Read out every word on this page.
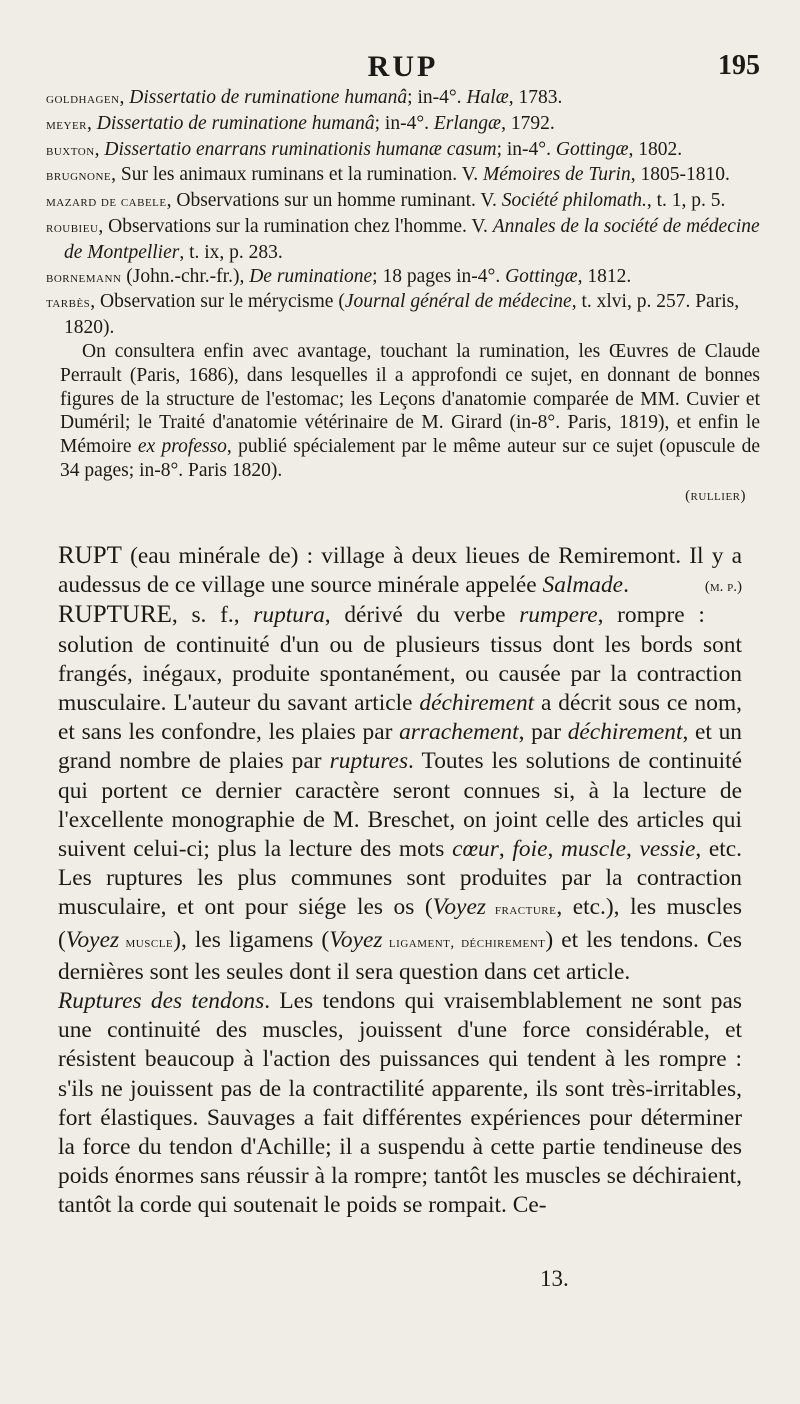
RUP	195

goldhagen, Dissertatio de ruminatione humanâ; in-4°. Halæ, 1783.

meyer, Dissertatio de ruminatione humanâ; in-4°. Erlangæ, 1792.

buxton, Dissertatio enarrans ruminationis humanæ casum; in-4°. Gottingæ, 1802.

brugnone, Sur les animaux ruminans et la rumination. V. Mémoires de Turin, 1805-1810.

mazard de cabele, Observations sur un homme ruminant. V. Société philomath., t. 1, p. 5.

roubieu, Observations sur la rumination chez l'homme. V. Annales de la société de médecine de Montpellier, t. ix, p. 283.

bornemann (John.-chr.-fr.), De ruminatione; 18 pages in-4°. Gottingæ, 1812.

tarbès, Observation sur le mérycisme (Journal général de médecine, t. xlvi, p. 257. Paris, 1820).

On consultera enfin avec avantage, touchant la rumination, les Œuvres de Claude Perrault (Paris, 1686), dans lesquelles il a approfondi ce sujet, en donnant de bonnes figures de la structure de l'estomac; les Leçons d'anatomie comparée de MM. Cuvier et Duméril; le Traité d'anatomie vétérinaire de M. Girard (in-8°. Paris, 1819), et enfin le Mémoire ex professo, publié spécialement par le même auteur sur ce sujet (opuscule de 34 pages; in-8°. Paris 1820).

(rullier)

RUPT (eau minérale de) : village à deux lieues de Remiremont. Il y a audessus de ce village une source minérale appelée Salmade.	(m. p.)

RUPTURE, s. f., ruptura, dérivé du verbe rumpere, rompre : solution de continuité d'un ou de plusieurs tissus dont les bords sont frangés, inégaux, produite spontanément, ou causée par la contraction musculaire. L'auteur du savant article déchirement a décrit sous ce nom, et sans les confondre, les plaies par arrachement, par déchirement, et un grand nombre de plaies par ruptures. Toutes les solutions de continuité qui portent ce dernier caractère seront connues si, à la lecture de l'excellente monographie de M. Breschet, on joint celle des articles qui suivent celui-ci; plus la lecture des mots cœur, foie, muscle, vessie, etc. Les ruptures les plus communes sont produites par la contraction musculaire, et ont pour siége les os (Voyez fracture, etc.), les muscles (Voyez muscle), les ligamens (Voyez ligament, déchirement) et les tendons. Ces dernières sont les seules dont il sera question dans cet article.

Ruptures des tendons. Les tendons qui vraisemblablement ne sont pas une continuité des muscles, jouissent d'une force considérable, et résistent beaucoup à l'action des puissances qui tendent à les rompre : s'ils ne jouissent pas de la contractilité apparente, ils sont très-irritables, fort élastiques. Sauvages a fait différentes expériences pour déterminer la force du tendon d'Achille; il a suspendu à cette partie tendineuse des poids énormes sans réussir à la rompre; tantôt les muscles se déchiraient, tantôt la corde qui soutenait le poids se rompait. Ce-

13.
